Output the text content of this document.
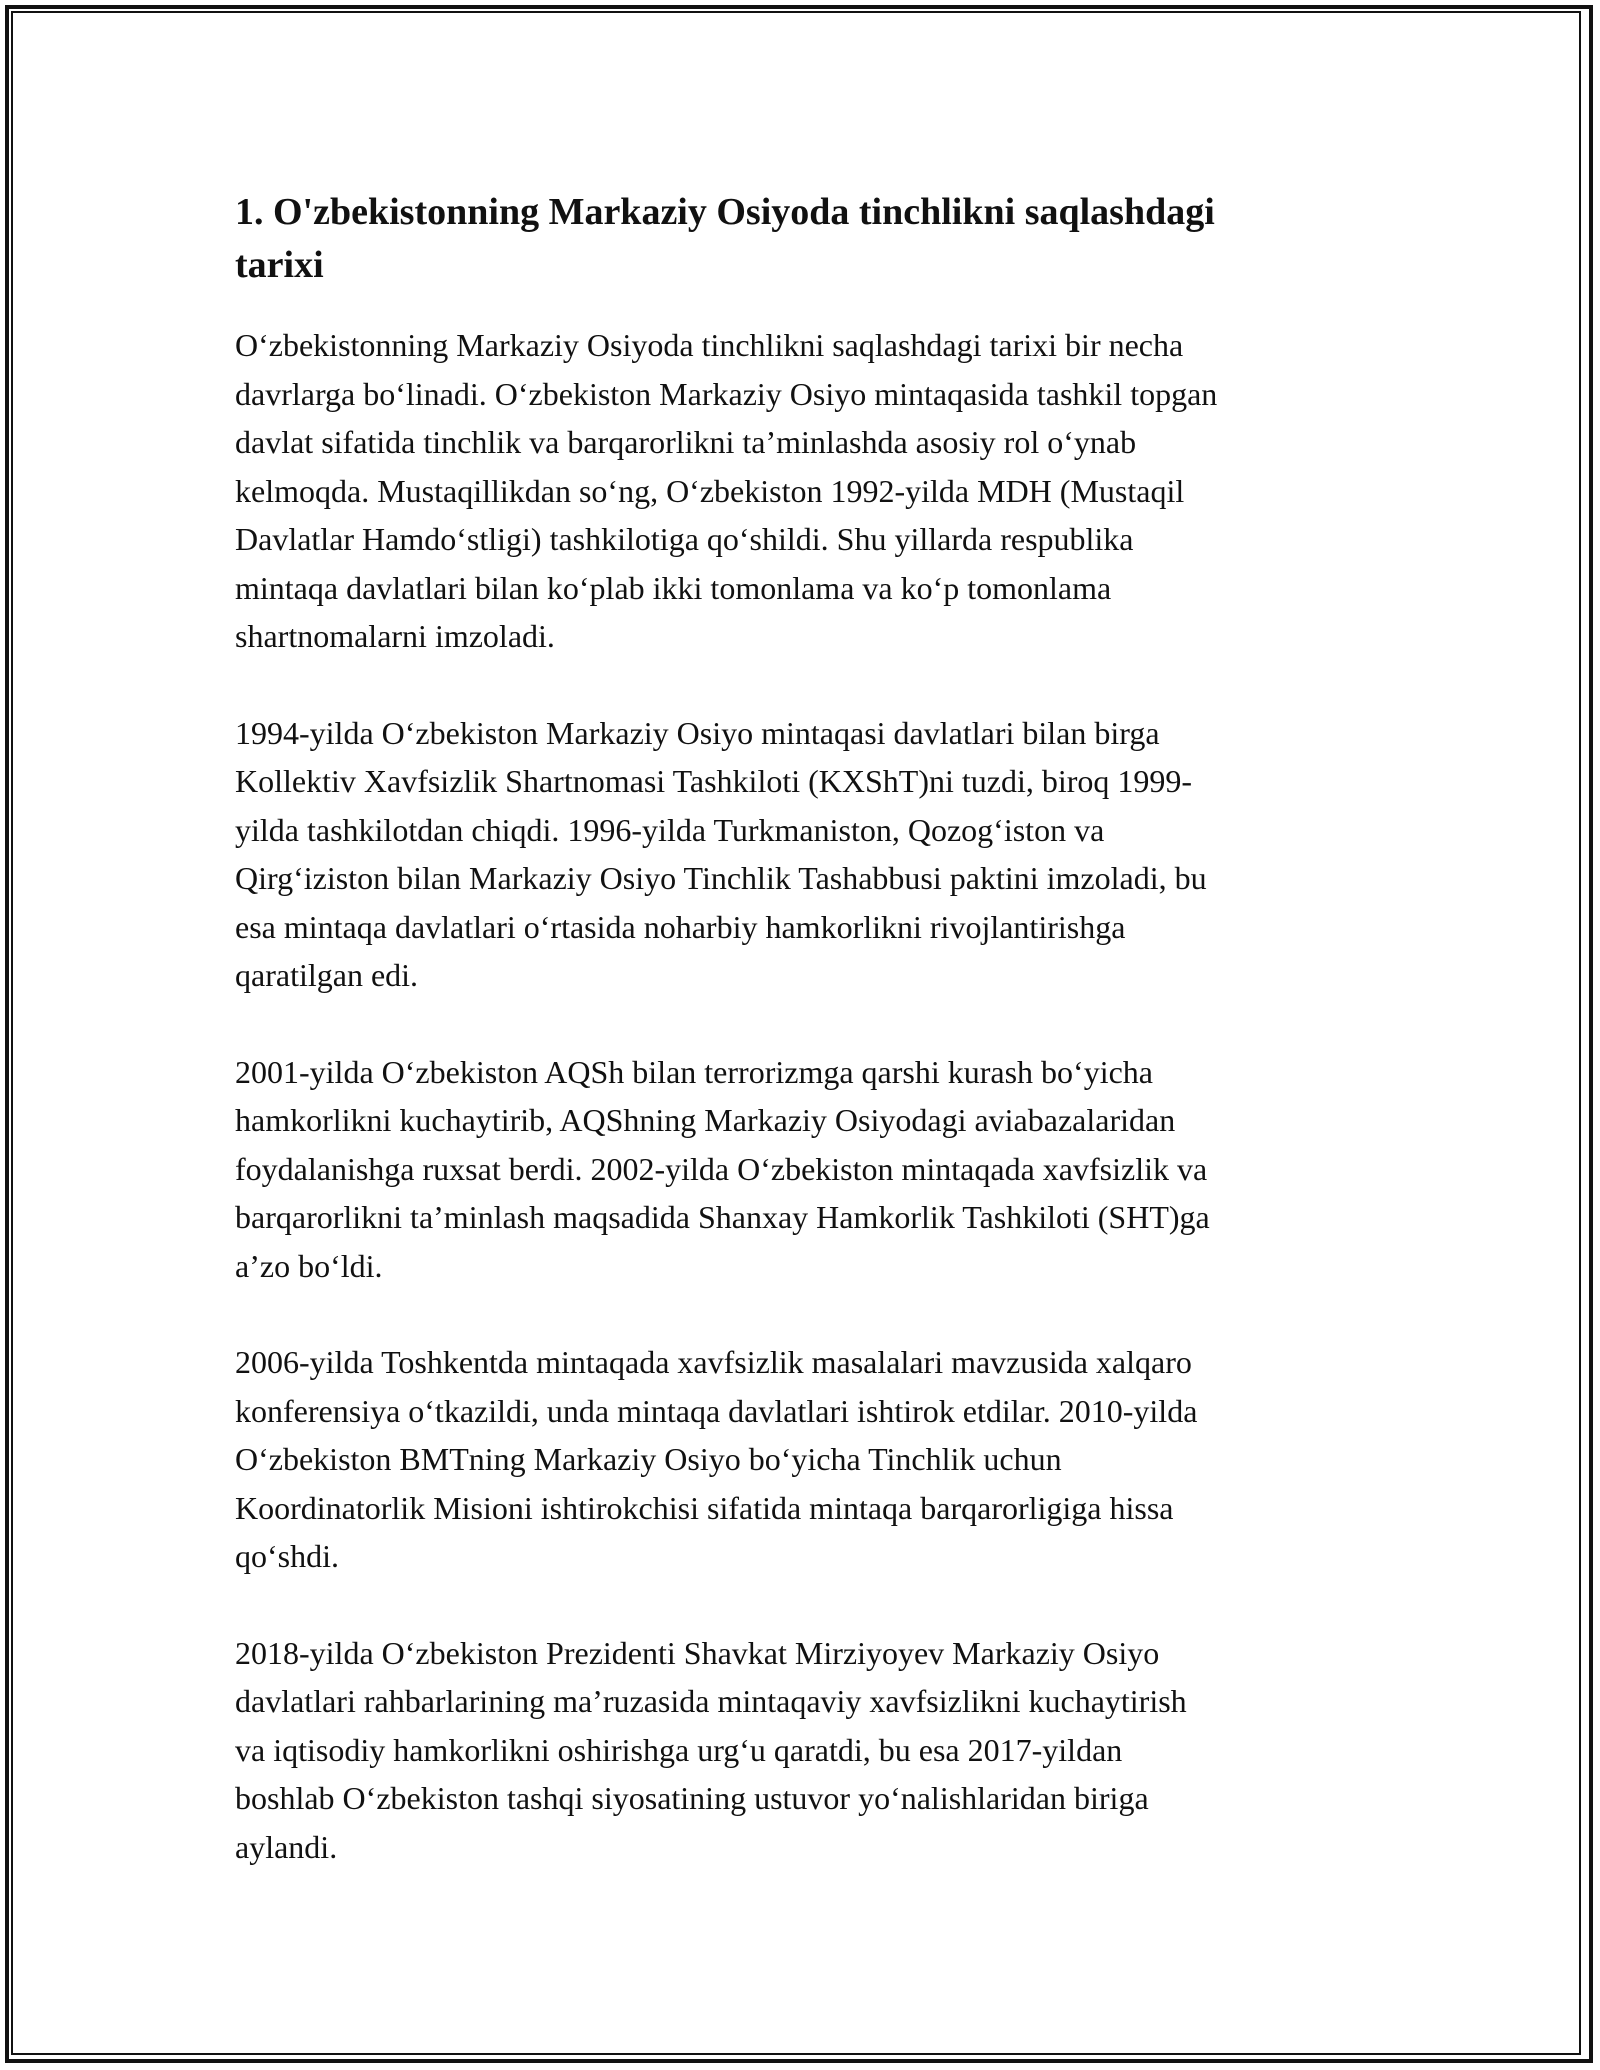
1. O'zbekistonning Markaziy Osiyoda tinchlikni saqlashdagi
tarixi

O‘zbekistonning Markaziy Osiyoda tinchlikni saqlashdagi tarixi bir necha
davrlarga bo‘linadi. O‘zbekiston Markaziy Osiyo mintaqasida tashkil topgan
davlat sifatida tinchlik va barqarorlikni ta’minlashda asosiy rol o‘ynab
kelmoqda. Mustaqillikdan so‘ng, O‘zbekiston 1992-yilda MDH (Mustaqil
Davlatlar Hamdo‘stligi) tashkilotiga qo‘shildi. Shu yillarda respublika
mintaqa davlatlari bilan ko‘plab ikki tomonlama va ko‘p tomonlama
shartnomalarni imzoladi.

1994-yilda O‘zbekiston Markaziy Osiyo mintaqasi davlatlari bilan birga
Kollektiv Xavfsizlik Shartnomasi Tashkiloti (KXShT)ni tuzdi, biroq 1999-
yilda tashkilotdan chiqdi. 1996-yilda Turkmaniston, Qozog‘iston va
Qirg‘iziston bilan Markaziy Osiyo Tinchlik Tashabbusi paktini imzoladi, bu
esa mintaqa davlatlari o‘rtasida noharbiy hamkorlikni rivojlantirishga
qaratilgan edi.

2001-yilda O‘zbekiston AQSh bilan terrorizmga qarshi kurash bo‘yicha
hamkorlikni kuchaytirib, AQShning Markaziy Osiyodagi aviabazalaridan
foydalanishga ruxsat berdi. 2002-yilda O‘zbekiston mintaqada xavfsizlik va
barqarorlikni ta’minlash maqsadida Shanxay Hamkorlik Tashkiloti (SHT)ga
a’zo bo‘ldi.

2006-yilda Toshkentda mintaqada xavfsizlik masalalari mavzusida xalqaro
konferensiya o‘tkazildi, unda mintaqa davlatlari ishtirok etdilar. 2010-yilda
O‘zbekiston BMTning Markaziy Osiyo bo‘yicha Tinchlik uchun
Koordinatorlik Misioni ishtirokchisi sifatida mintaqa barqarorligiga hissa
qo‘shdi.

2018-yilda O‘zbekiston Prezidenti Shavkat Mirziyoyev Markaziy Osiyo
davlatlari rahbarlarining ma’ruzasida mintaqaviy xavfsizlikni kuchaytirish
va iqtisodiy hamkorlikni oshirishga urg‘u qaratdi, bu esa 2017-yildan
boshlab O‘zbekiston tashqi siyosatining ustuvor yo‘nalishlaridan biriga
aylandi.
